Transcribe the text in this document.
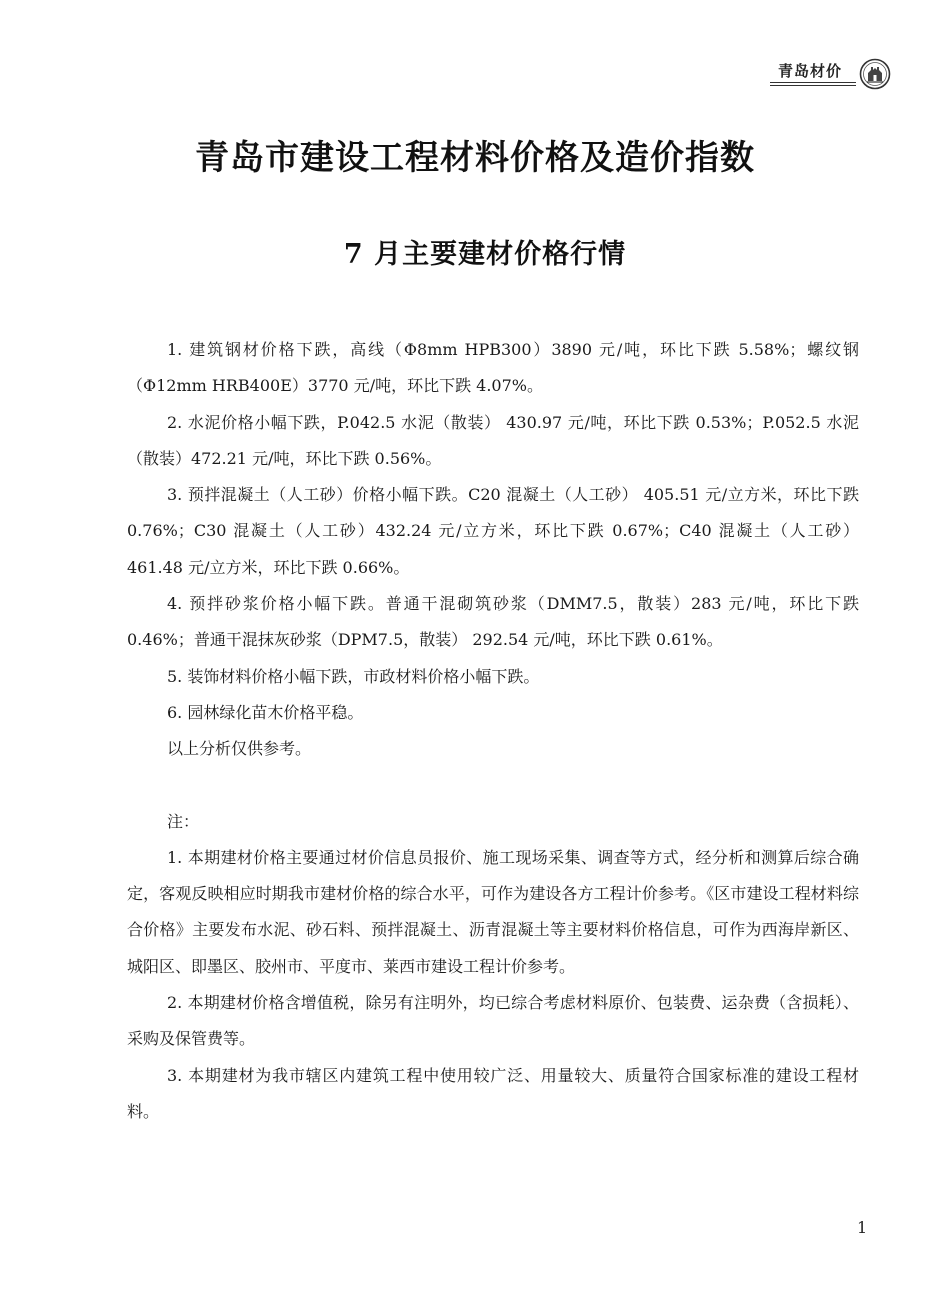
青岛材价
青岛市建设工程材料价格及造价指数
7 月主要建材价格行情

1. 建筑钢材价格下跌，高线（Φ8mm HPB300）3890 元/吨，环比下跌 5.58%；螺纹钢（Φ12mm HRB400E）3770 元/吨，环比下跌 4.07%。

2. 水泥价格小幅下跌，P.042.5 水泥（散装） 430.97 元/吨，环比下跌 0.53%；P.052.5 水泥（散装）472.21 元/吨，环比下跌 0.56%。

3. 预拌混凝土（人工砂）价格小幅下跌。C20 混凝土（人工砂） 405.51 元/立方米，环比下跌 0.76%；C30 混凝土（人工砂）432.24 元/立方米，环比下跌 0.67%；C40 混凝土（人工砂） 461.48 元/立方米，环比下跌 0.66%。

4. 预拌砂浆价格小幅下跌。普通干混砌筑砂浆（DMM7.5，散装）283 元/吨，环比下跌 0.46%；普通干混抹灰砂浆（DPM7.5，散装） 292.54 元/吨，环比下跌 0.61%。

5. 装饰材料价格小幅下跌，市政材料价格小幅下跌。

6. 园林绿化苗木价格平稳。

以上分析仅供参考。

注：

1. 本期建材价格主要通过材价信息员报价、施工现场采集、调查等方式，经分析和测算后综合确定，客观反映相应时期我市建材价格的综合水平，可作为建设各方工程计价参考。《区市建设工程材料综合价格》主要发布水泥、砂石料、预拌混凝土、沥青混凝土等主要材料价格信息，可作为西海岸新区、城阳区、即墨区、胶州市、平度市、莱西市建设工程计价参考。

2. 本期建材价格含增值税，除另有注明外，均已综合考虑材料原价、包装费、运杂费（含损耗）、采购及保管费等。

3. 本期建材为我市辖区内建筑工程中使用较广泛、用量较大、质量符合国家标准的建设工程材料。

1
